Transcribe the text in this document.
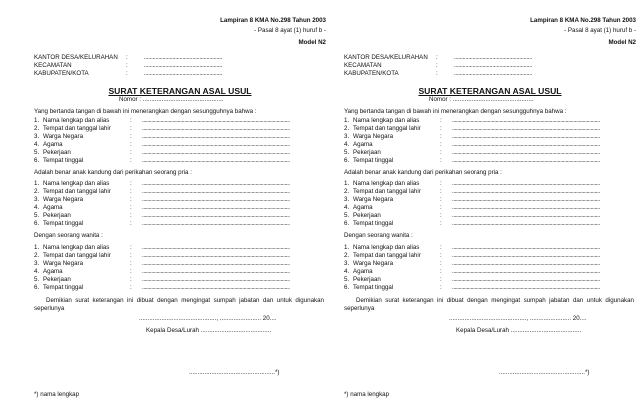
Lampiran 8 KMA No.298 Tahun 2003
- Pasal 8 ayat (1) huruf b -
Model N2
KANTOR DESA/KELURAHAN :	.......................................................
KECAMATAN	:	.......................................................
KABUPATEN/KOTA	:	.......................................................
SURAT KETERANGAN ASAL USUL
Nomor : ...............................................
Yang bertanda tangan di bawah ini menerangkan dengan sesungguhnya bahwa :
1. Nama lengkap dan alias	: ................................................................................................................
2. Tempat dan tanggal lahir	: ................................................................................................................
3. Warga Negara	: ................................................................................................................
4. Agama	: ................................................................................................................
5. Pekerjaan	: ................................................................................................................
6. Tempat tinggal	: ................................................................................................................
Adalah benar anak kandung dari perikahan seorang pria :
1. Nama lengkap dan alias	: ................................................................................................................
2. Tempat dan tanggal lahir	: ................................................................................................................
3. Warga Negara	: ................................................................................................................
4. Agama	: ................................................................................................................
5. Pekerjaan	: ................................................................................................................
6. Tempat tinggal	: ................................................................................................................
Dengan seorang wanita :
1. Nama lengkap dan alias	: ................................................................................................................
2. Tempat dan tanggal lahir	: ................................................................................................................
3. Warga Negara	: ................................................................................................................
4. Agama	: ................................................................................................................
5. Pekerjaan	: ................................................................................................................
6. Tempat tinggal	: ................................................................................................................
Demikian surat keterangan ini dibuat dengan mengingat sumpah jabatan dan untuk digunakan seperlunya
............................................., ........................ 20....
Kepala Desa/Lurah .........................................
..................................................*)
*) nama lengkap
Lampiran 8 KMA No.298 Tahun 2003
- Pasal 8 ayat (1) huruf b -
Model N2
KANTOR DESA/KELURAHAN :	.......................................................
KECAMATAN	:	.......................................................
KABUPATEN/KOTA	:	.......................................................
SURAT KETERANGAN ASAL USUL
Nomor : ...............................................
Yang bertanda tangan di bawah ini menerangkan dengan sesungguhnya bahwa :
1. Nama lengkap dan alias	: ................................................................................................................
2. Tempat dan tanggal lahir	: ................................................................................................................
3. Warga Negara	: ................................................................................................................
4. Agama	: ................................................................................................................
5. Pekerjaan	: ................................................................................................................
6. Tempat tinggal	: ................................................................................................................
Adalah benar anak kandung dari perikahan seorang pria :
1. Nama lengkap dan alias	: ................................................................................................................
2. Tempat dan tanggal lahir	: ................................................................................................................
3. Warga Negara	: ................................................................................................................
4. Agama	: ................................................................................................................
5. Pekerjaan	: ................................................................................................................
6. Tempat tinggal	: ................................................................................................................
Dengan seorang wanita :
1. Nama lengkap dan alias	: ................................................................................................................
2. Tempat dan tanggal lahir	: ................................................................................................................
3. Warga Negara	: ................................................................................................................
4. Agama	: ................................................................................................................
5. Pekerjaan	: ................................................................................................................
6. Tempat tinggal	: ................................................................................................................
Demikian surat keterangan ini dibuat dengan mengingat sumpah jabatan dan untuk digunakan seperlunya
............................................., ........................ 20....
Kepala Desa/Lurah .........................................
..................................................*)
*) nama lengkap
